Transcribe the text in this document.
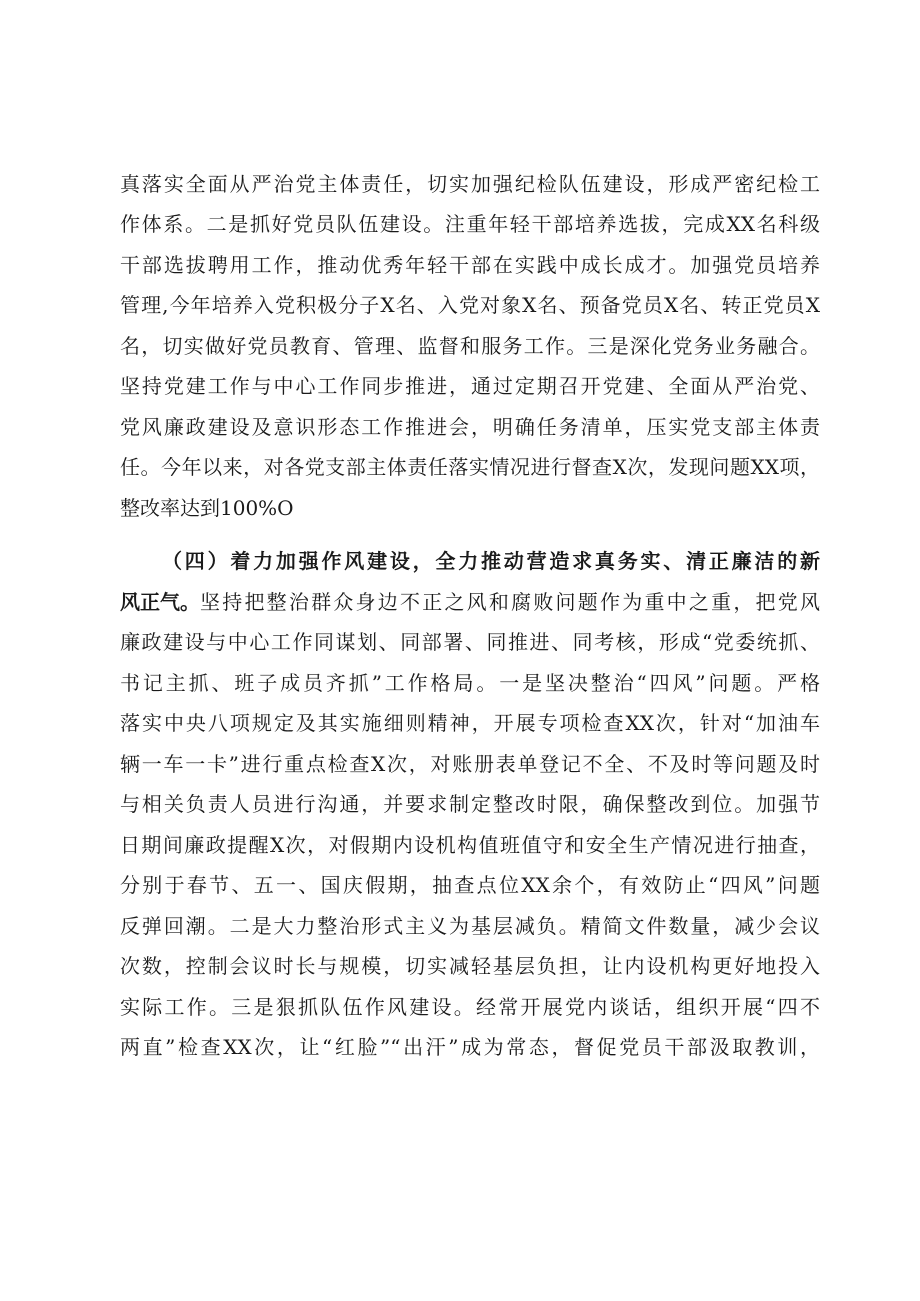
真落实全面从严治党主体责任，切实加强纪检队伍建设，形成严密纪检工
作体系。二是抓好党员队伍建设。注重年轻干部培养选拔，完成XX名科级
干部选拔聘用工作，推动优秀年轻干部在实践中成长成才。加强党员培养
管理,今年培养入党积极分子X名、入党对象X名、预备党员X名、转正党员X
名，切实做好党员教育、管理、监督和服务工作。三是深化党务业务融合。
坚持党建工作与中心工作同步推进，通过定期召开党建、全面从严治党、
党风廉政建设及意识形态工作推进会，明确任务清单，压实党支部主体责
任。今年以来，对各党支部主体责任落实情况进行督查X次，发现问题XX项，
整改率达到100%O
（四）着力加强作风建设，全力推动营造求真务实、清正廉洁的新
风正气。 坚持把整治群众身边不正之风和腐败问题作为重中之重，把党风
廉政建设与中心工作同谋划、同部署、同推进、同考核，形成“党委统抓、
书记主抓、班子成员齐抓”工作格局。一是坚决整治“四风”问题。严格
落实中央八项规定及其实施细则精神，开展专项检查XX次，针对“加油车
辆一车一卡”进行重点检查X次，对账册表单登记不全、不及时等问题及时
与相关负责人员进行沟通，并要求制定整改时限，确保整改到位。加强节
日期间廉政提醒X次，对假期内设机构值班值守和安全生产情况进行抽查，
分别于春节、五一、国庆假期，抽查点位XX余个，有效防止“四风”问题
反弹回潮。二是大力整治形式主义为基层减负。精简文件数量，减少会议
次数，控制会议时长与规模，切实减轻基层负担，让内设机构更好地投入
实际工作。三是狠抓队伍作风建设。经常开展党内谈话，组织开展“四不
两直”检查XX次，让“红脸”“出汗”成为常态，督促党员干部汲取教训，
